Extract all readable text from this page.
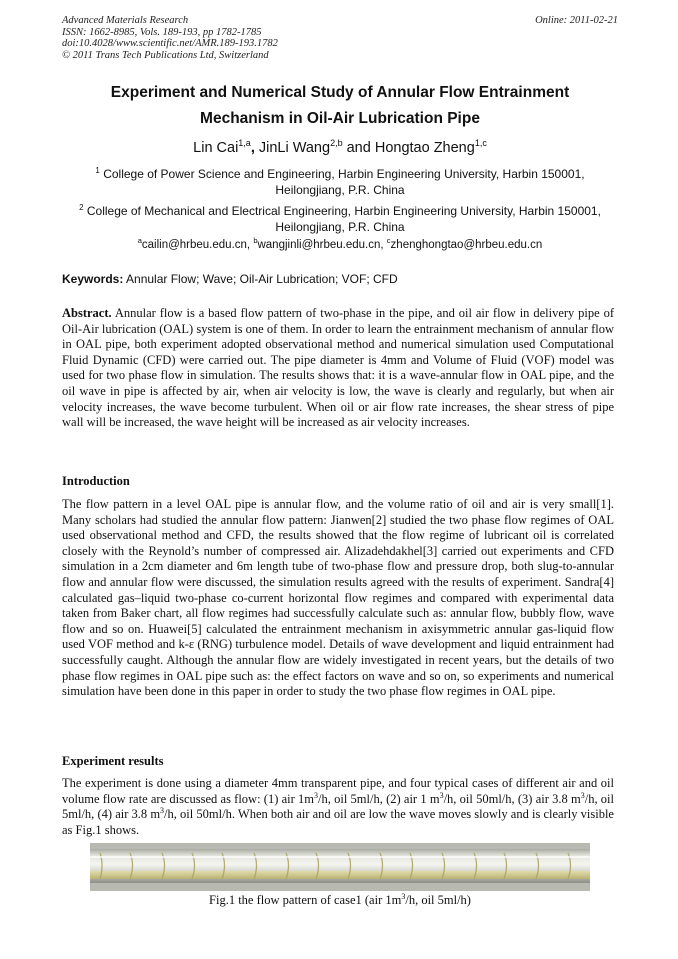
Advanced Materials Research
ISSN: 1662-8985, Vols. 189-193, pp 1782-1785
doi:10.4028/www.scientific.net/AMR.189-193.1782
© 2011 Trans Tech Publications Ltd, Switzerland
Online: 2011-02-21
Experiment and Numerical Study of Annular Flow Entrainment
Mechanism in Oil-Air Lubrication Pipe
Lin Cai$^{1,a}$, JinLi Wang$^{2,b}$ and Hongtao Zheng$^{1,c}$
$^1$ College of Power Science and Engineering, Harbin Engineering University, Harbin 150001,
Heilongjiang, P.R. China
$^2$ College of Mechanical and Electrical Engineering, Harbin Engineering University, Harbin 150001,
Heilongjiang, P.R. China
$^a$cailin@hrbeu.edu.cn, $^b$wangjinli@hrbeu.edu.cn, $^c$zhenghongtao@hrbeu.edu.cn
Keywords: Annular Flow; Wave; Oil-Air Lubrication; VOF; CFD
Abstract. Annular flow is a based flow pattern of two-phase in the pipe, and oil air flow in delivery pipe of Oil-Air lubrication (OAL) system is one of them. In order to learn the entrainment mechanism of annular flow in OAL pipe, both experiment adopted observational method and numerical simulation used Computational Fluid Dynamic (CFD) were carried out. The pipe diameter is 4mm and Volume of Fluid (VOF) model was used for two phase flow in simulation. The results shows that: it is a wave-annular flow in OAL pipe, and the oil wave in pipe is affected by air, when air velocity is low, the wave is clearly and regularly, but when air velocity increases, the wave become turbulent. When oil or air flow rate increases, the shear stress of pipe wall will be increased, the wave height will be increased as air velocity increases.
Introduction
The flow pattern in a level OAL pipe is annular flow, and the volume ratio of oil and air is very small[1]. Many scholars had studied the annular flow pattern: Jianwen[2] studied the two phase flow regimes of OAL used observational method and CFD, the results showed that the flow regime of lubricant oil is correlated closely with the Reynold’s number of compressed air. Alizadehdakhel[3] carried out experiments and CFD simulation in a 2cm diameter and 6m length tube of two-phase flow and pressure drop, both slug-to-annular flow and annular flow were discussed, the simulation results agreed with the results of experiment. Sandra[4] calculated gas–liquid two-phase co-current horizontal flow regimes and compared with experimental data taken from Baker chart, all flow regimes had successfully calculate such as: annular flow, bubbly flow, wave flow and so on. Huawei[5] calculated the entrainment mechanism in axisymmetric annular gas-liquid flow used VOF method and k-ε (RNG) turbulence model. Details of wave development and liquid entrainment had successfully caught. Although the annular flow are widely investigated in recent years, but the details of two phase flow regimes in OAL pipe such as: the effect factors on wave and so on, so experiments and numerical simulation have been done in this paper in order to study the two phase flow regimes in OAL pipe.
Experiment results
The experiment is done using a diameter 4mm transparent pipe, and four typical cases of different air and oil volume flow rate are discussed as flow: (1) air $1m^3/h$, oil 5ml/h, (2) air 1 $m^3/h$, oil 50ml/h, (3) air 3.8 $m^3/h$, oil 5ml/h, (4) air 3.8 $m^3/h$, oil 50ml/h. When both air and oil are low the wave moves slowly and is clearly visible as Fig.1 shows.
Fig.1 the flow pattern of case1 (air $1m^3/h$, oil 5ml/h)
